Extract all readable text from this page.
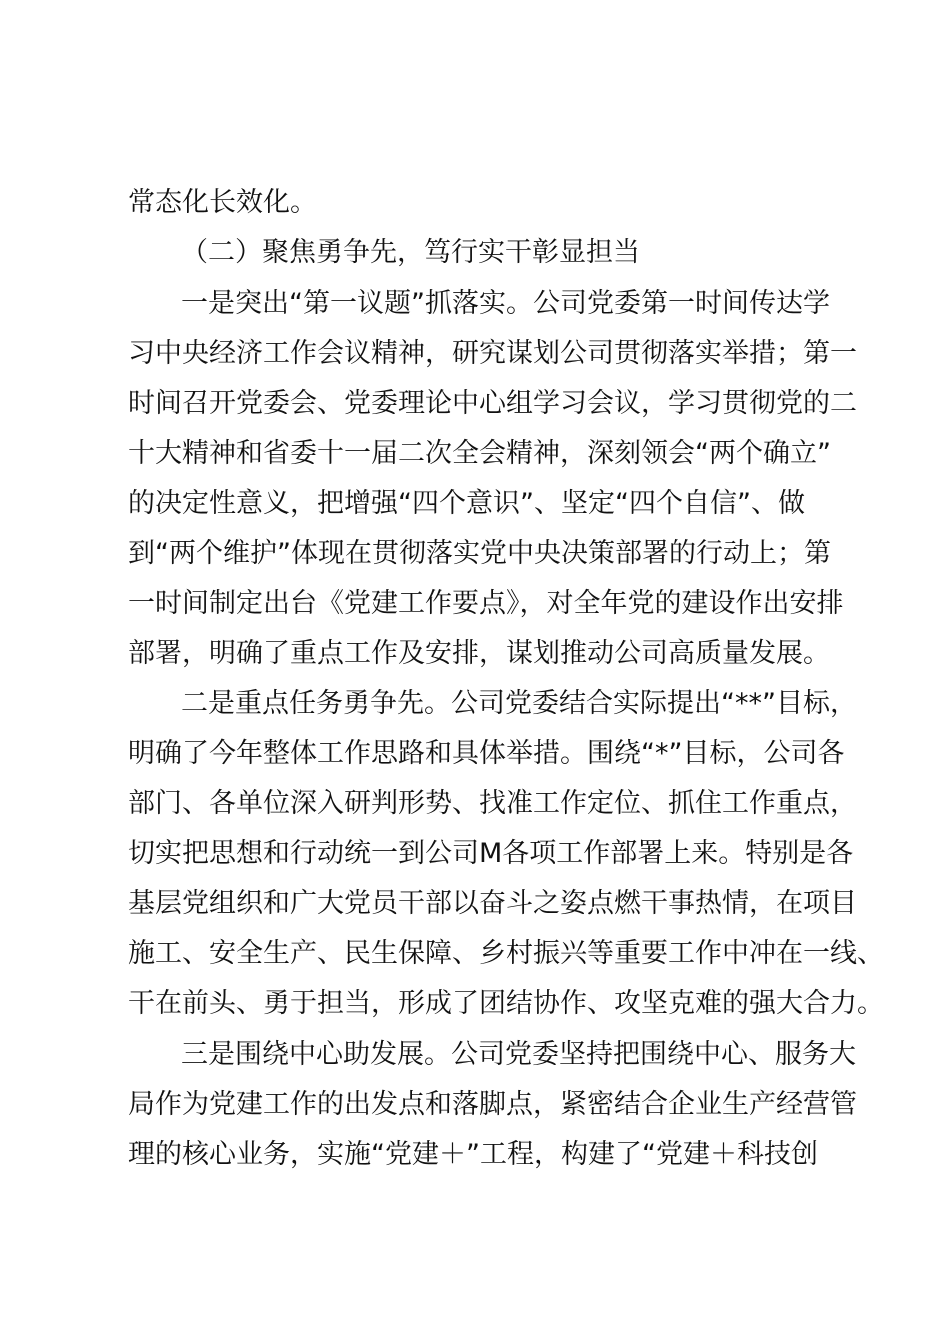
常态化长效化。
（二）聚焦勇争先，笃行实干彰显担当
一是突出“第一议题”抓落实。公司党委第一时间传达学
习中央经济工作会议精神，研究谋划公司贯彻落实举措；第一
时间召开党委会、党委理论中心组学习会议，学习贯彻党的二
十大精神和省委十一届二次全会精神，深刻领会“两个确立”
的决定性意义，把增强“四个意识”、坚定“四个自信”、做
到“两个维护”体现在贯彻落实党中央决策部署的行动上；第
一时间制定出台《党建工作要点》，对全年党的建设作出安排
部署，明确了重点工作及安排，谋划推动公司高质量发展。
二是重点任务勇争先。公司党委结合实际提出“**”目标，
明确了今年整体工作思路和具体举措。围绕“*”目标，公司各
部门、各单位深入研判形势、找准工作定位、抓住工作重点，
切实把思想和行动统一到公司M各项工作部署上来。特别是各
基层党组织和广大党员干部以奋斗之姿点燃干事热情，在项目
施工、安全生产、民生保障、乡村振兴等重要工作中冲在一线、
干在前头、勇于担当，形成了团结协作、攻坚克难的强大合力。
三是围绕中心助发展。公司党委坚持把围绕中心、服务大
局作为党建工作的出发点和落脚点，紧密结合企业生产经营管
理的核心业务，实施“党建＋”工程，构建了“党建＋科技创
